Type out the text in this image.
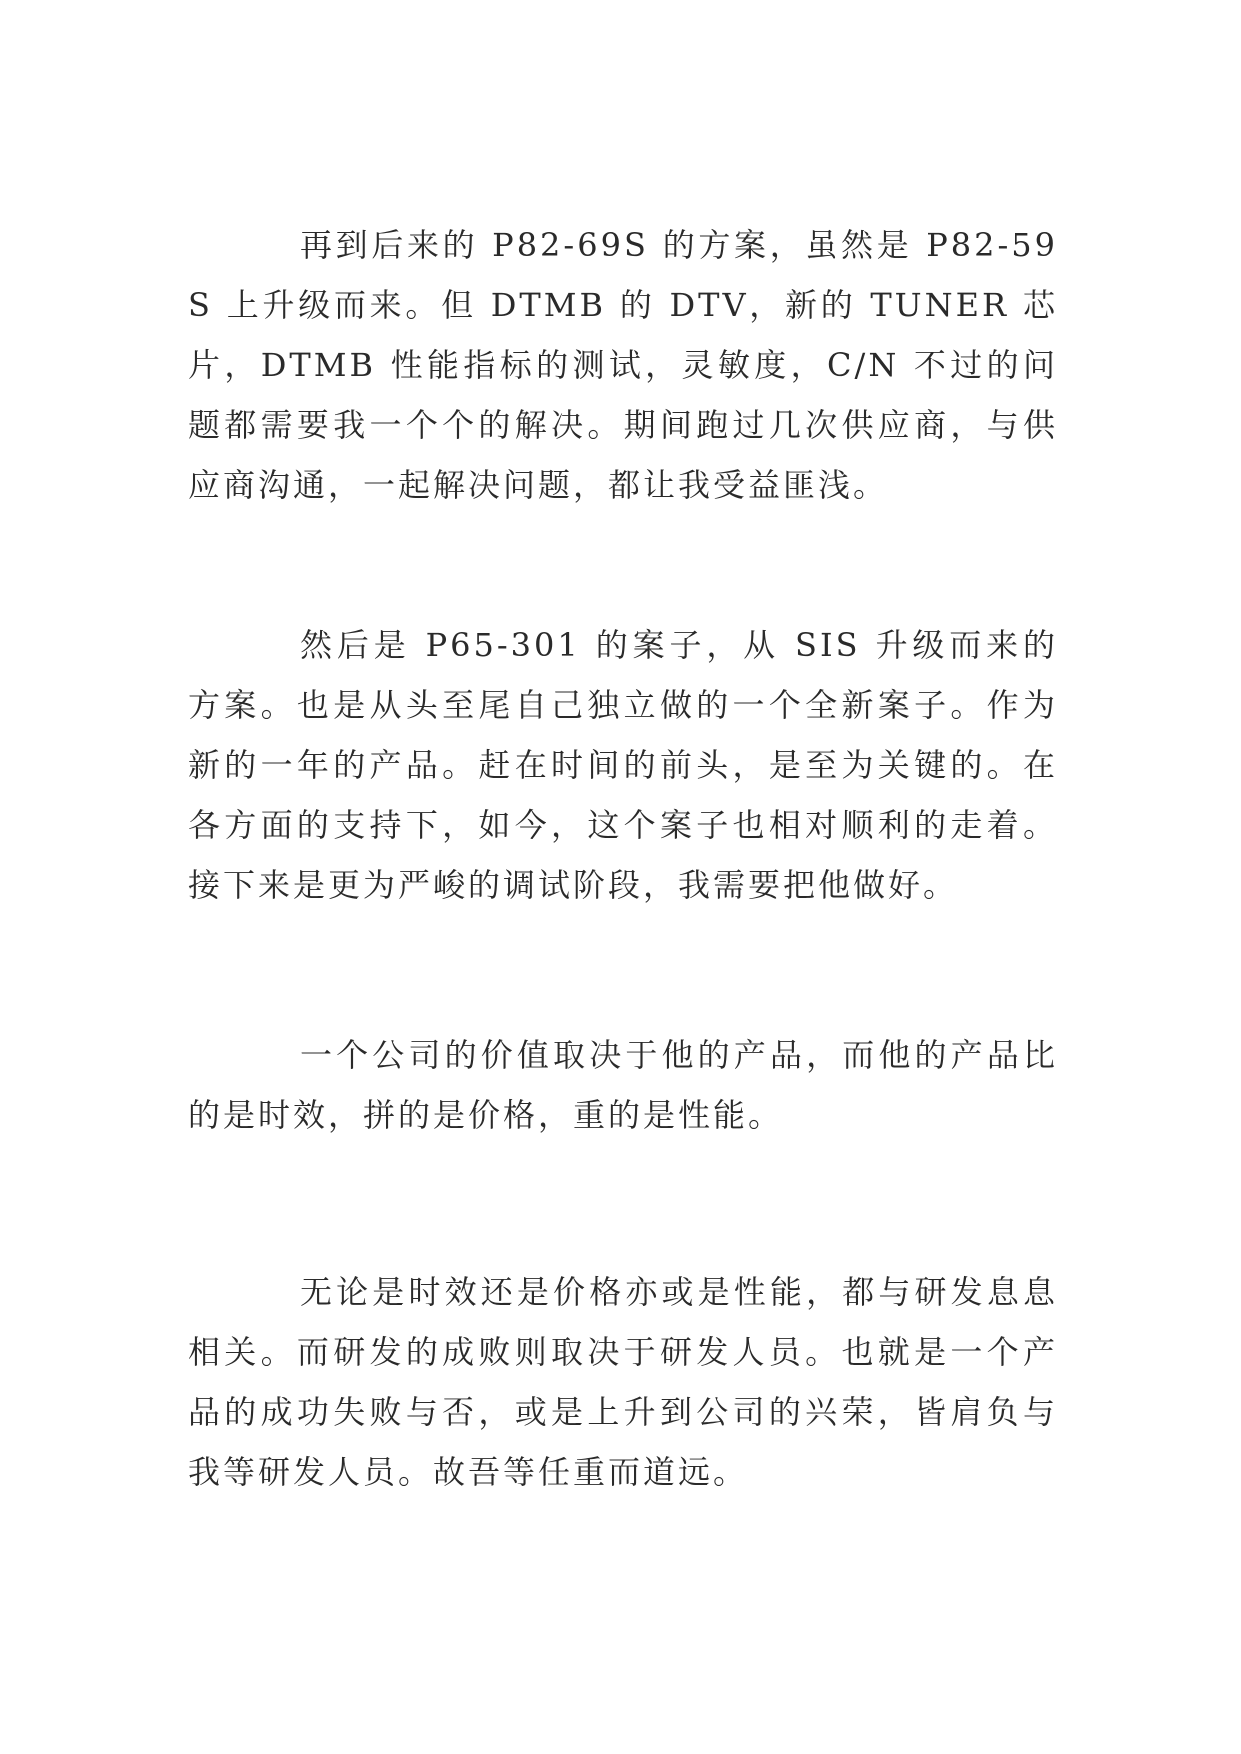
再到后来的 P82-69S 的方案，虽然是 P82-59S 上升级而来。但 DTMB 的 DTV，新的 TUNER 芯片，DTMB 性能指标的测试，灵敏度，C/N 不过的问题都需要我一个个的解决。期间跑过几次供应商，与供应商沟通，一起解决问题，都让我受益匪浅。

然后是 P65-301 的案子，从 SIS 升级而来的方案。也是从头至尾自己独立做的一个全新案子。作为新的一年的产品。赶在时间的前头，是至为关键的。在各方面的支持下，如今，这个案子也相对顺利的走着。接下来是更为严峻的调试阶段，我需要把他做好。

一个公司的价值取决于他的产品，而他的产品比的是时效，拼的是价格，重的是性能。

无论是时效还是价格亦或是性能，都与研发息息相关。而研发的成败则取决于研发人员。也就是一个产品的成功失败与否，或是上升到公司的兴荣，皆肩负与我等研发人员。故吾等任重而道远。
